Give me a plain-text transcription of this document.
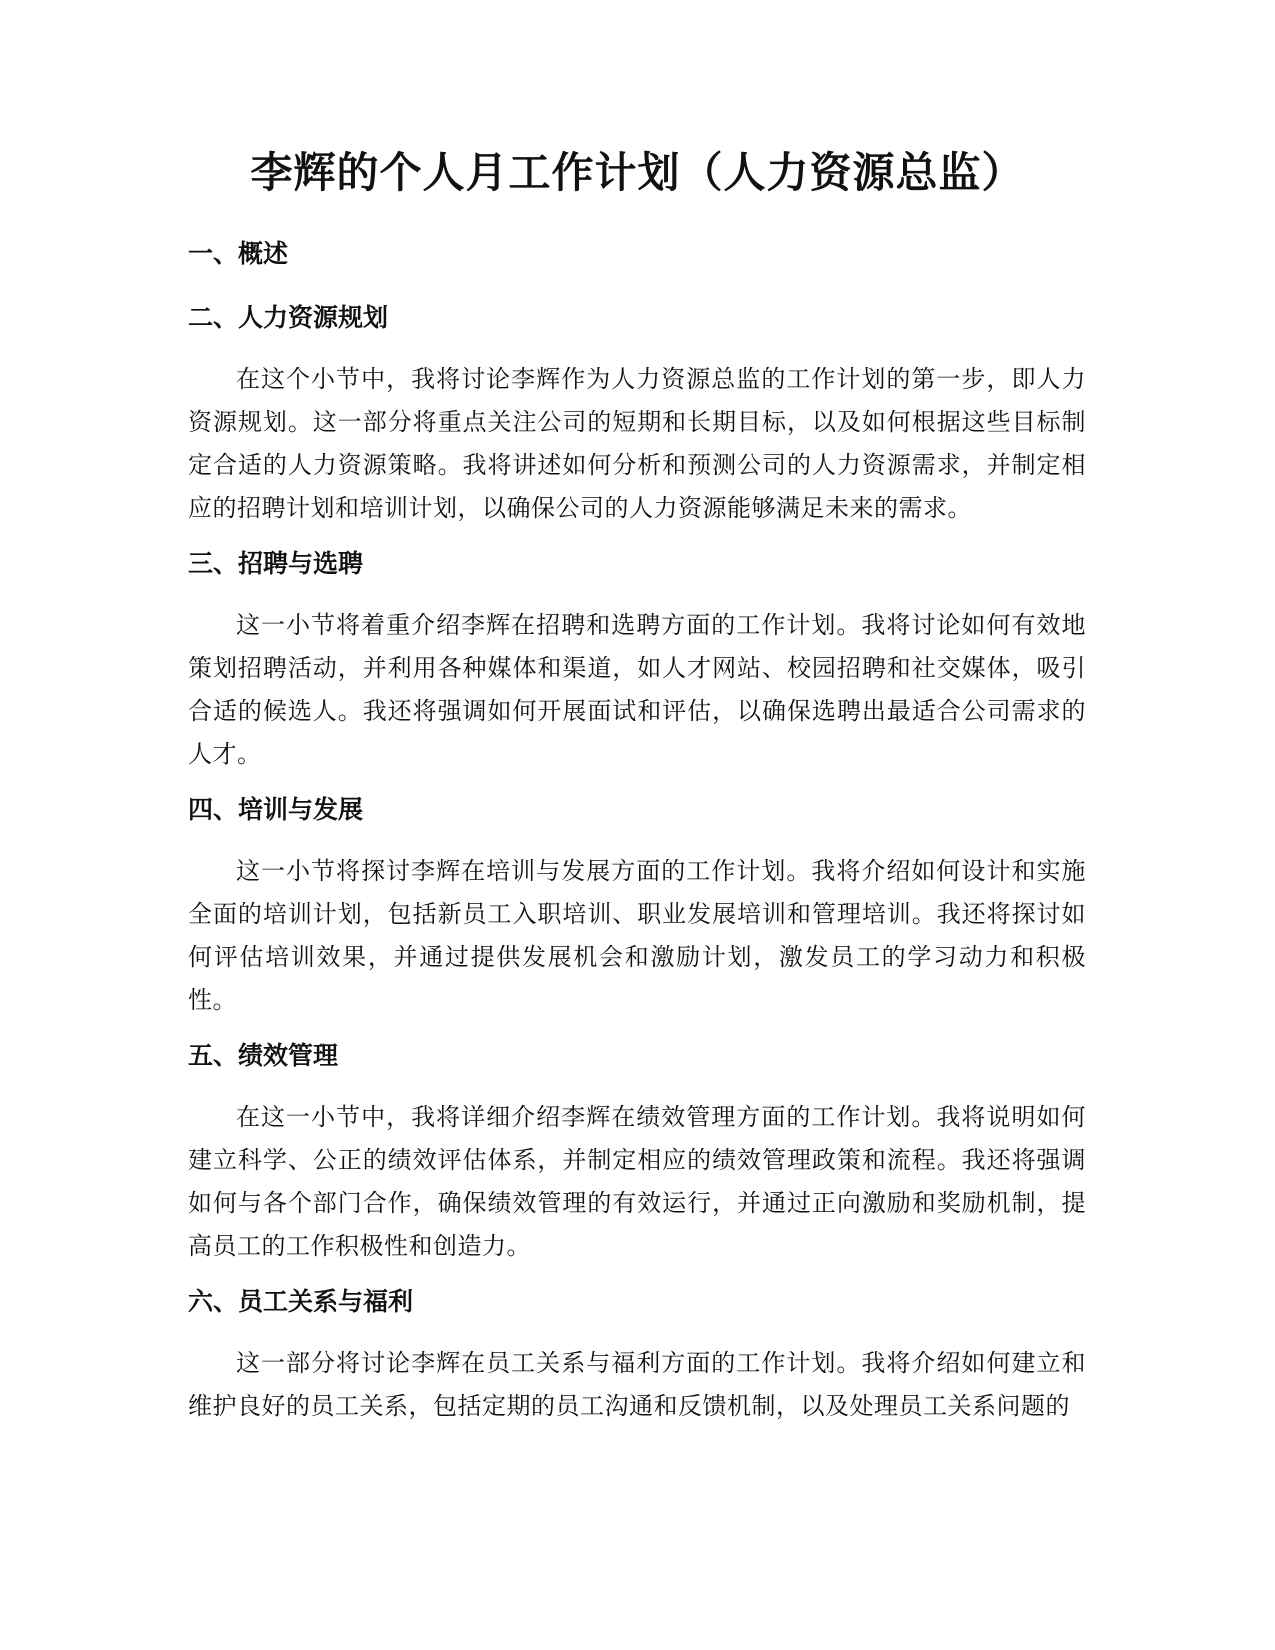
李辉的个人月工作计划（人力资源总监）
一、概述
二、人力资源规划

在这个小节中，我将讨论李辉作为人力资源总监的工作计划的第一步，即人力资源规划。这一部分将重点关注公司的短期和长期目标，以及如何根据这些目标制定合适的人力资源策略。我将讲述如何分析和预测公司的人力资源需求，并制定相应的招聘计划和培训计划，以确保公司的人力资源能够满足未来的需求。

三、招聘与选聘

这一小节将着重介绍李辉在招聘和选聘方面的工作计划。我将讨论如何有效地策划招聘活动，并利用各种媒体和渠道，如人才网站、校园招聘和社交媒体，吸引合适的候选人。我还将强调如何开展面试和评估，以确保选聘出最适合公司需求的人才。

四、培训与发展

这一小节将探讨李辉在培训与发展方面的工作计划。我将介绍如何设计和实施全面的培训计划，包括新员工入职培训、职业发展培训和管理培训。我还将探讨如何评估培训效果，并通过提供发展机会和激励计划，激发员工的学习动力和积极性。

五、绩效管理

在这一小节中，我将详细介绍李辉在绩效管理方面的工作计划。我将说明如何建立科学、公正的绩效评估体系，并制定相应的绩效管理政策和流程。我还将强调如何与各个部门合作，确保绩效管理的有效运行，并通过正向激励和奖励机制，提高员工的工作积极性和创造力。

六、员工关系与福利

这一部分将讨论李辉在员工关系与福利方面的工作计划。我将介绍如何建立和维护良好的员工关系，包括定期的员工沟通和反馈机制，以及处理员工关系问题的
